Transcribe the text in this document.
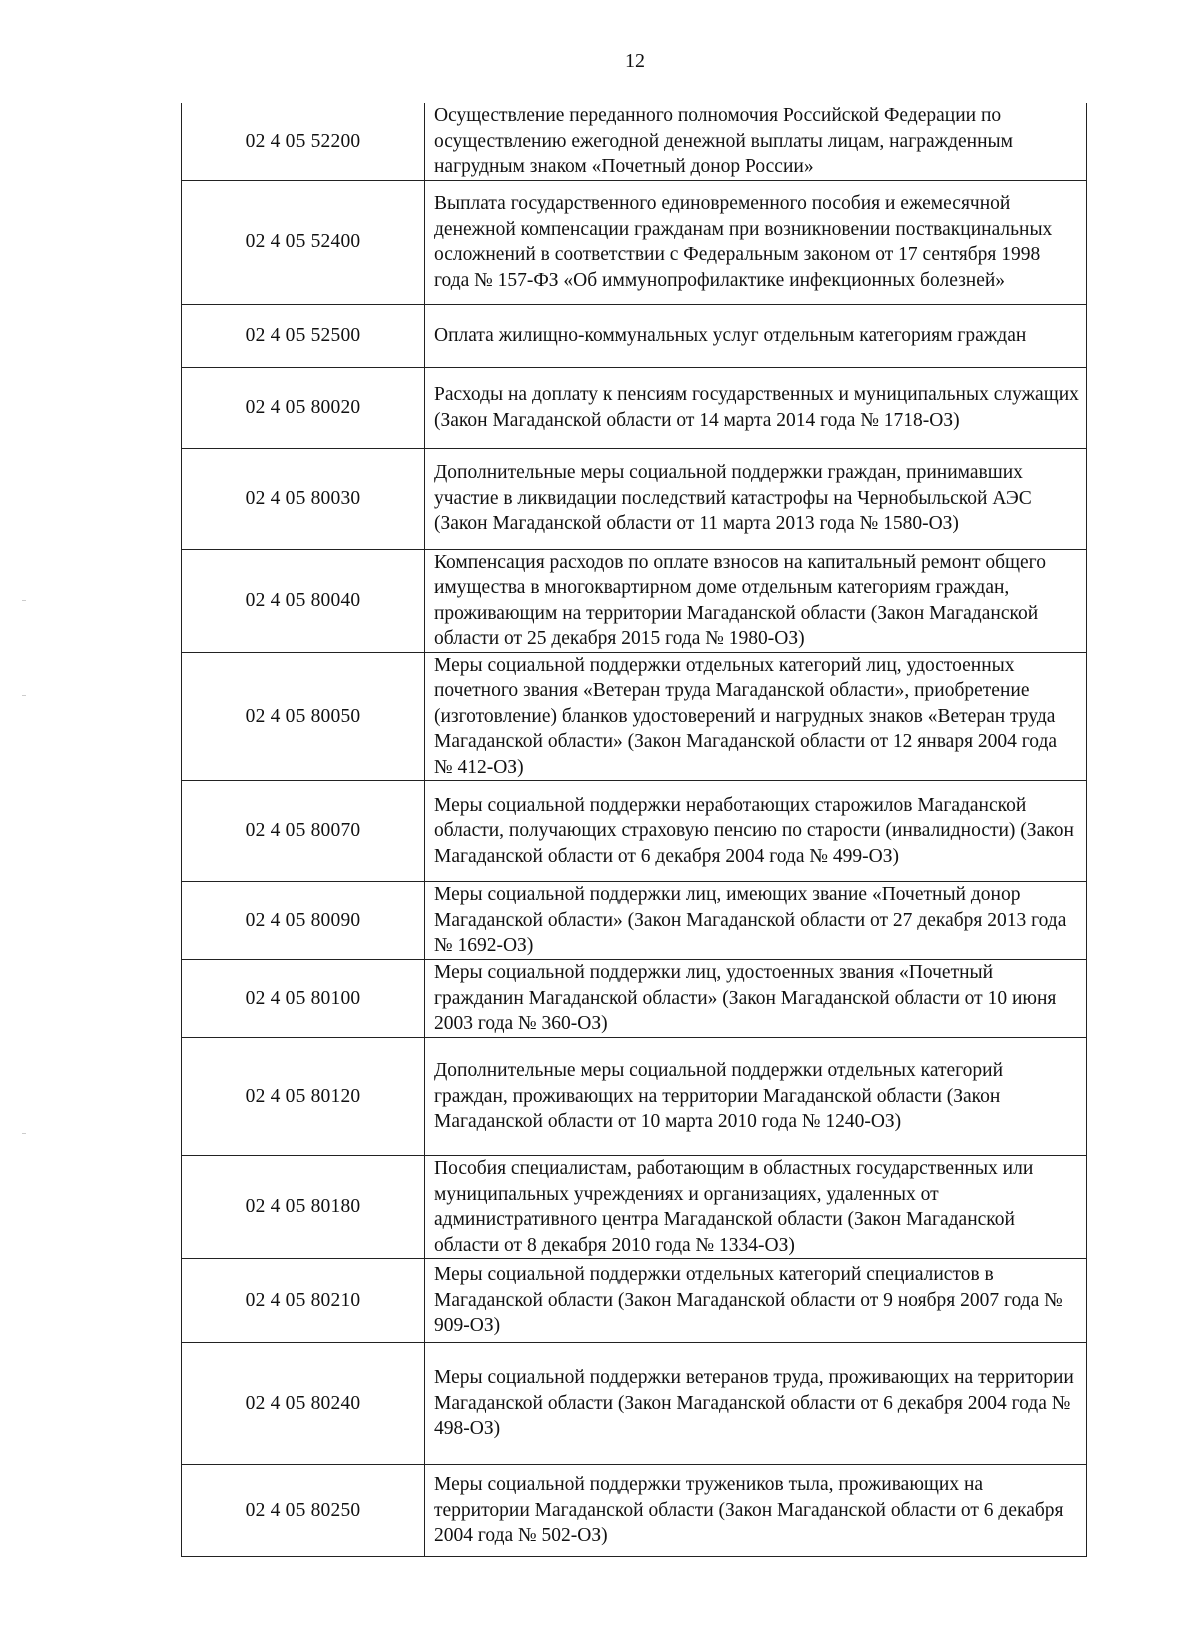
12
02 4 05 52200	Осуществление переданного полномочия Российской Федерации по осуществлению ежегодной денежной выплаты лицам, награжденным нагрудным знаком «Почетный донор России»
02 4 05 52400	Выплата государственного единовременного пособия и ежемесячной денежной компенсации гражданам при возникновении поствакцинальных осложнений в соответствии с Федеральным законом от 17 сентября 1998 года № 157-ФЗ «Об иммунопрофилактике инфекционных болезней»
02 4 05 52500	Оплата жилищно-коммунальных услуг отдельным категориям граждан
02 4 05 80020	Расходы на доплату к пенсиям государственных и муниципальных служащих (Закон Магаданской области от 14 марта 2014 года № 1718-ОЗ)
02 4 05 80030	Дополнительные меры социальной поддержки граждан, принимавших участие в ликвидации последствий катастрофы на Чернобыльской АЭС (Закон Магаданской области от 11 марта 2013 года № 1580-ОЗ)
02 4 05 80040	Компенсация расходов по оплате взносов на капитальный ремонт общего имущества в многоквартирном доме отдельным категориям граждан, проживающим на территории Магаданской области (Закон Магаданской области от 25 декабря 2015 года № 1980-ОЗ)
02 4 05 80050	Меры социальной поддержки отдельных категорий лиц, удостоенных почетного звания «Ветеран труда Магаданской области», приобретение (изготовление) бланков удостоверений и нагрудных знаков «Ветеран труда Магаданской области» (Закон Магаданской области от 12 января 2004 года № 412-ОЗ)
02 4 05 80070	Меры социальной поддержки неработающих старожилов Магаданской области, получающих страховую пенсию по старости (инвалидности) (Закон Магаданской области от 6 декабря 2004 года № 499-ОЗ)
02 4 05 80090	Меры социальной поддержки лиц, имеющих звание «Почетный донор Магаданской области» (Закон Магаданской области от 27 декабря 2013 года № 1692-ОЗ)
02 4 05 80100	Меры социальной поддержки лиц, удостоенных звания «Почетный гражданин Магаданской области» (Закон Магаданской области от 10 июня 2003 года № 360-ОЗ)
02 4 05 80120	Дополнительные меры социальной поддержки отдельных категорий граждан, проживающих на территории Магаданской области (Закон Магаданской области от 10 марта 2010 года № 1240-ОЗ)
02 4 05 80180	Пособия специалистам, работающим в областных государственных или муниципальных учреждениях и организациях, удаленных от административного центра Магаданской области (Закон Магаданской области от 8 декабря 2010 года № 1334-ОЗ)
02 4 05 80210	Меры социальной поддержки отдельных категорий специалистов в Магаданской области (Закон Магаданской области от 9 ноября 2007 года № 909-ОЗ)
02 4 05 80240	Меры социальной поддержки ветеранов труда, проживающих на территории Магаданской области (Закон Магаданской области от 6 декабря 2004 года № 498-ОЗ)
02 4 05 80250	Меры социальной поддержки тружеников тыла, проживающих на территории Магаданской области (Закон Магаданской области от 6 декабря 2004 года № 502-ОЗ)
